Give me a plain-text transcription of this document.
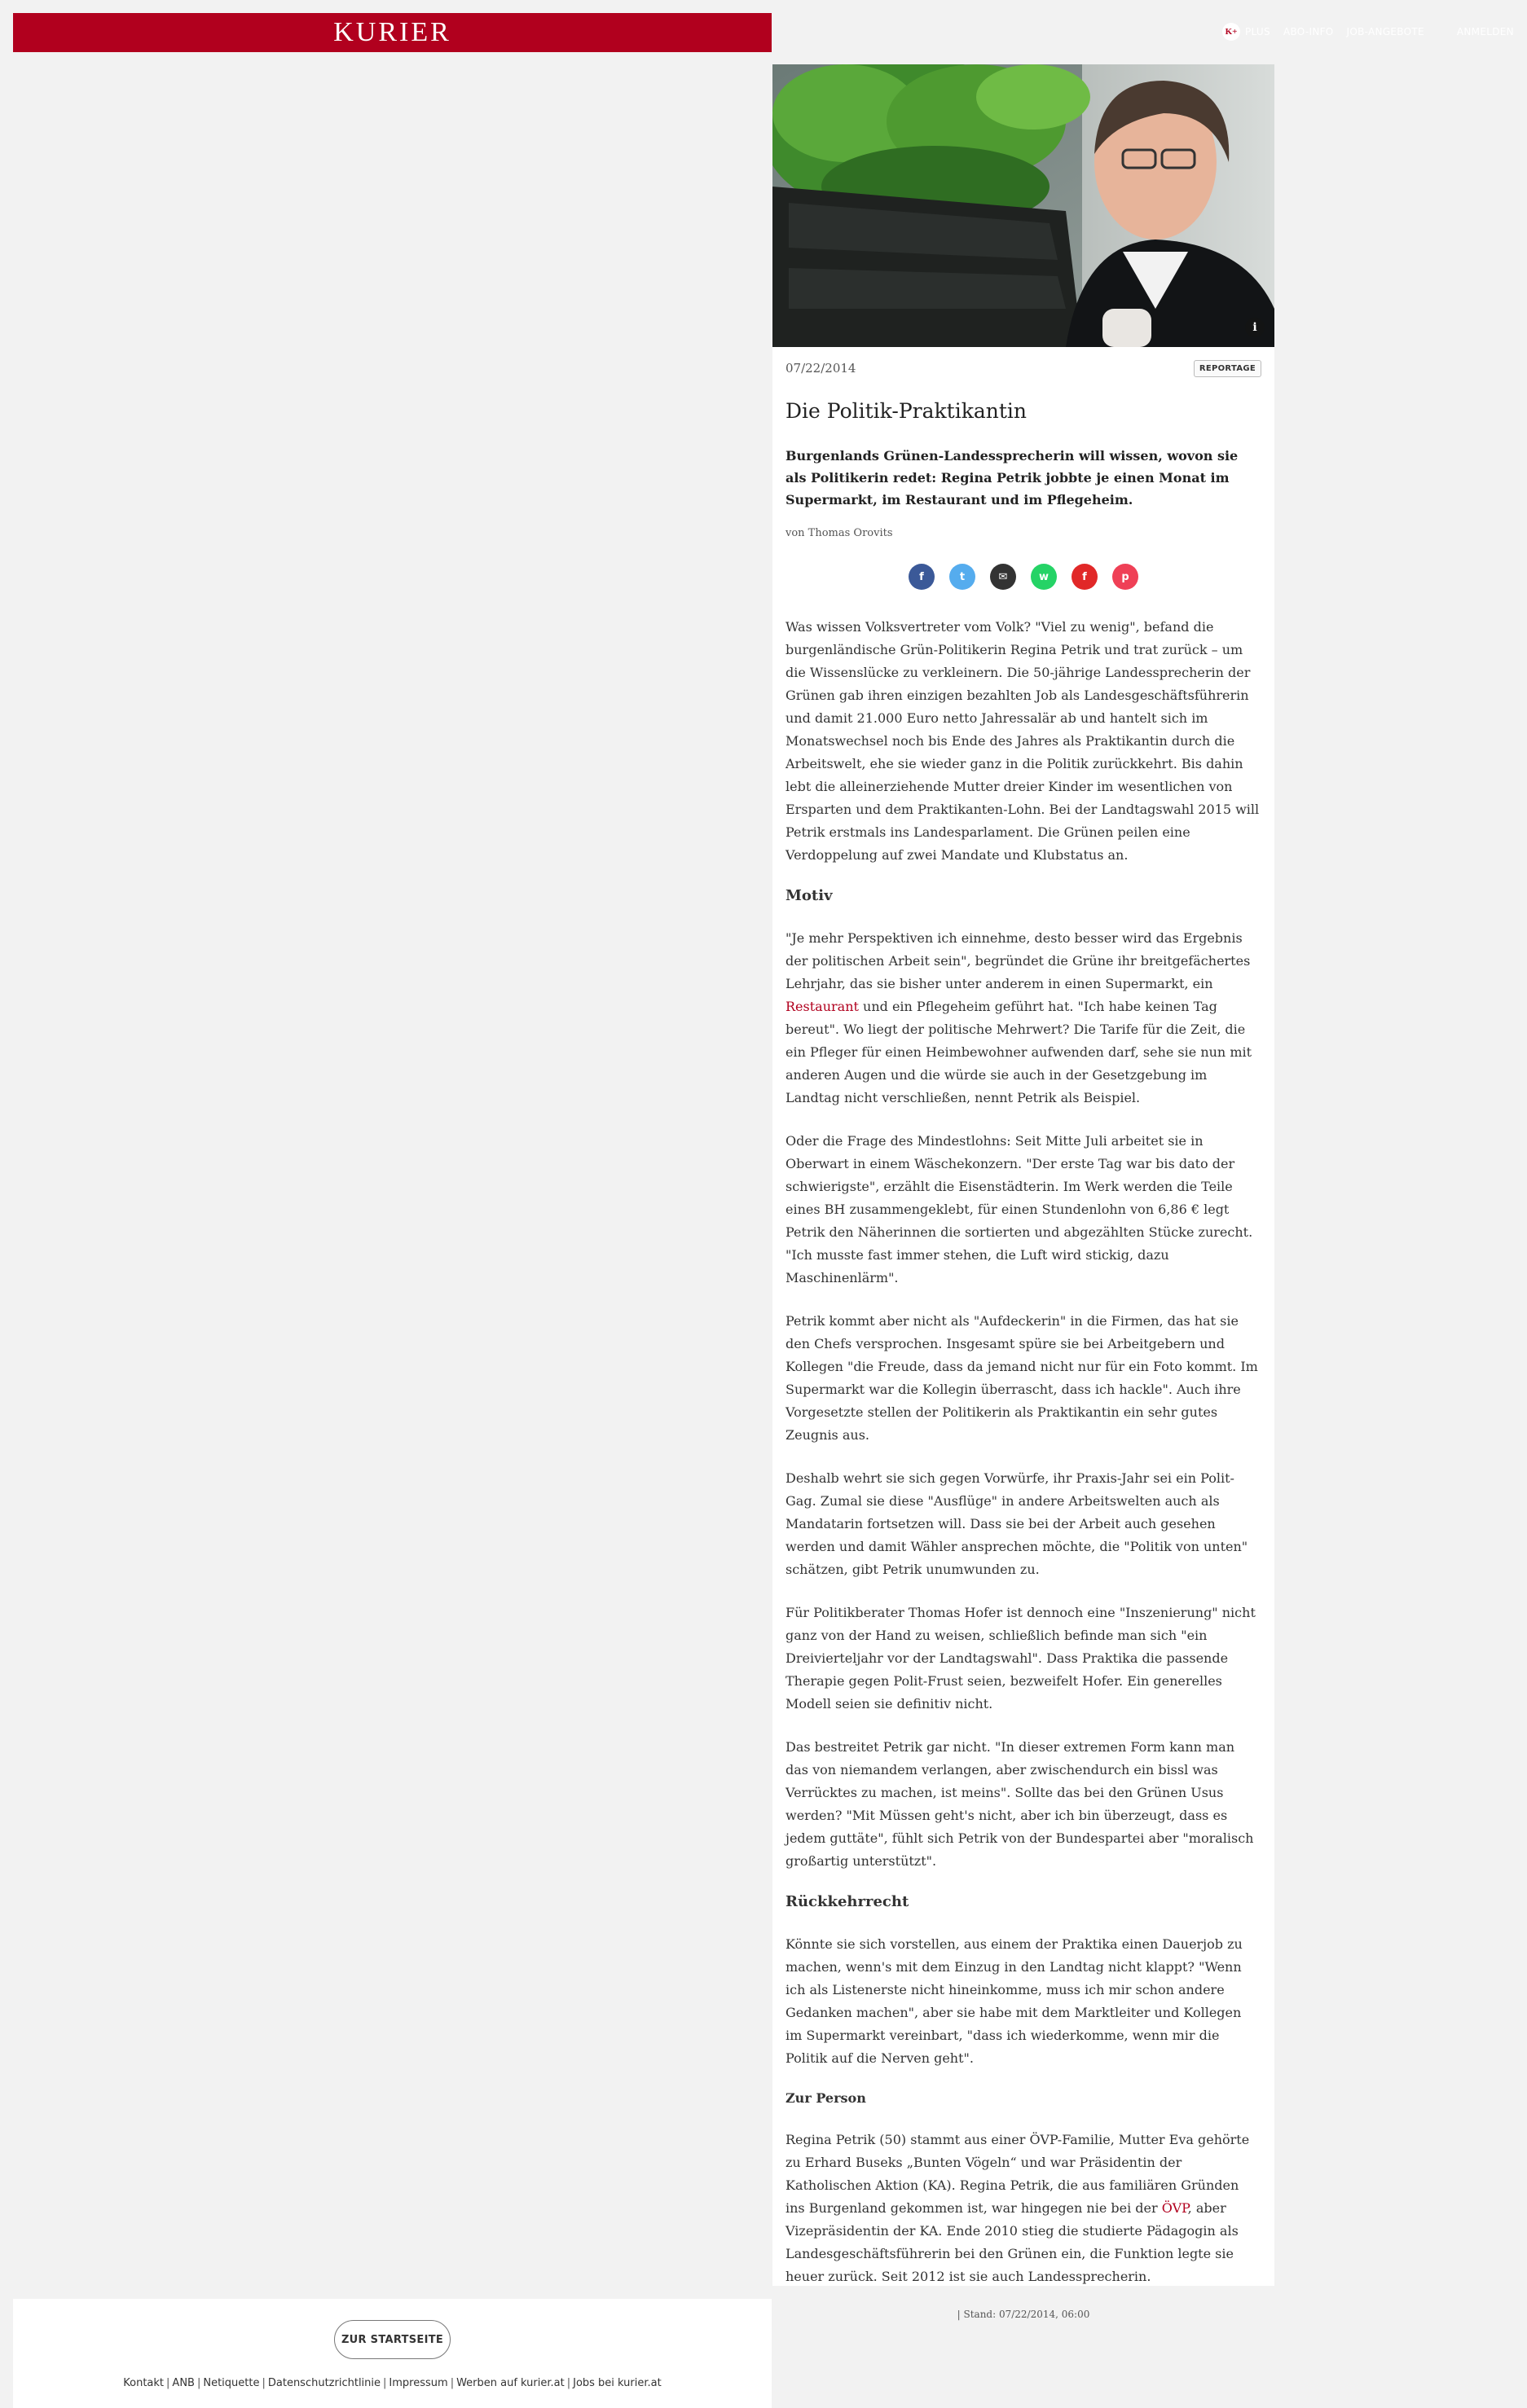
KURIER	K+ PLUS ABO-INFO JOB-ANGEBOTE	ANMELDEN
i
07/22/2014	REPORTAGE
Die Politik-Praktikantin

Burgenlands Grünen-Landessprecherin will wissen, wovon sie als Politikerin redet: Regina Petrik jobbte je einen Monat im Supermarkt, im Restaurant und im Pflegeheim.

von Thomas Orovits

f	t	✉	w	f	p

Was wissen Volksvertreter vom Volk? "Viel zu wenig", befand die burgenländische Grün-Politikerin Regina Petrik und trat zurück – um die Wissenslücke zu verkleinern. Die 50-jährige Landessprecherin der Grünen gab ihren einzigen bezahlten Job als Landesgeschäftsführerin und damit 21.000 Euro netto Jahressalär ab und hantelt sich im Monatswechsel noch bis Ende des Jahres als Praktikantin durch die Arbeitswelt, ehe sie wieder ganz in die Politik zurückkehrt. Bis dahin lebt die alleinerziehende Mutter dreier Kinder im wesentlichen von Ersparten und dem Praktikanten-Lohn. Bei der Landtagswahl 2015 will Petrik erstmals ins Landesparlament. Die Grünen peilen eine Verdoppelung auf zwei Mandate und Klubstatus an.

Motiv

"Je mehr Perspektiven ich einnehme, desto besser wird das Ergebnis der politischen Arbeit sein", begründet die Grüne ihr breitgefächertes Lehrjahr, das sie bisher unter anderem in einen Supermarkt, ein Restaurant und ein Pflegeheim geführt hat. "Ich habe keinen Tag bereut". Wo liegt der politische Mehrwert? Die Tarife für die Zeit, die ein Pfleger für einen Heimbewohner aufwenden darf, sehe sie nun mit anderen Augen und die würde sie auch in der Gesetzgebung im Landtag nicht verschließen, nennt Petrik als Beispiel.

Oder die Frage des Mindestlohns: Seit Mitte Juli arbeitet sie in Oberwart in einem Wäschekonzern. "Der erste Tag war bis dato der schwierigste", erzählt die Eisenstädterin. Im Werk werden die Teile eines BH zusammengeklebt, für einen Stundenlohn von 6,86 € legt Petrik den Näherinnen die sortierten und abgezählten Stücke zurecht. "Ich musste fast immer stehen, die Luft wird stickig, dazu Maschinenlärm".

Petrik kommt aber nicht als "Aufdeckerin" in die Firmen, das hat sie den Chefs versprochen. Insgesamt spüre sie bei Arbeitgebern und Kollegen "die Freude, dass da jemand nicht nur für ein Foto kommt. Im Supermarkt war die Kollegin überrascht, dass ich hackle". Auch ihre Vorgesetzte stellen der Politikerin als Praktikantin ein sehr gutes Zeugnis aus.

Deshalb wehrt sie sich gegen Vorwürfe, ihr Praxis-Jahr sei ein Polit-Gag. Zumal sie diese "Ausflüge" in andere Arbeitswelten auch als Mandatarin fortsetzen will. Dass sie bei der Arbeit auch gesehen werden und damit Wähler ansprechen möchte, die "Politik von unten" schätzen, gibt Petrik unumwunden zu.

Für Politikberater Thomas Hofer ist dennoch eine "Inszenierung" nicht ganz von der Hand zu weisen, schließlich befinde man sich "ein Dreivierteljahr vor der Landtagswahl". Dass Praktika die passende Therapie gegen Polit-Frust seien, bezweifelt Hofer. Ein generelles Modell seien sie definitiv nicht.

Das bestreitet Petrik gar nicht. "In dieser extremen Form kann man das von niemandem verlangen, aber zwischendurch ein bissl was Verrücktes zu machen, ist meins". Sollte das bei den Grünen Usus werden? "Mit Müssen geht's nicht, aber ich bin überzeugt, dass es jedem guttäte", fühlt sich Petrik von der Bundespartei aber "moralisch großartig unterstützt".

Rückkehrrecht

Könnte sie sich vorstellen, aus einem der Praktika einen Dauerjob zu machen, wenn's mit dem Einzug in den Landtag nicht klappt? "Wenn ich als Listenerste nicht hineinkomme, muss ich mir schon andere Gedanken machen", aber sie habe mit dem Marktleiter und Kollegen im Supermarkt vereinbart, "dass ich wiederkomme, wenn mir die Politik auf die Nerven geht".

Zur Person

Regina Petrik (50) stammt aus einer ÖVP-Familie, Mutter Eva gehörte zu Erhard Buseks „Bunten Vögeln“ und war Präsidentin der Katholischen Aktion (KA). Regina Petrik, die aus familiären Gründen ins Burgenland gekommen ist, war hingegen nie bei der ÖVP, aber Vizepräsidentin der KA. Ende 2010 stieg die studierte Pädagogin als Landesgeschäftsführerin bei den Grünen ein, die Funktion legte sie heuer zurück. Seit 2012 ist sie auch Landessprecherin.

| Stand: 07/22/2014, 06:00

ZUR STARTSEITE
Kontakt | ANB | Netiquette | Datenschutzrichtlinie | Impressum | Werben auf kurier.at | Jobs bei kurier.at
